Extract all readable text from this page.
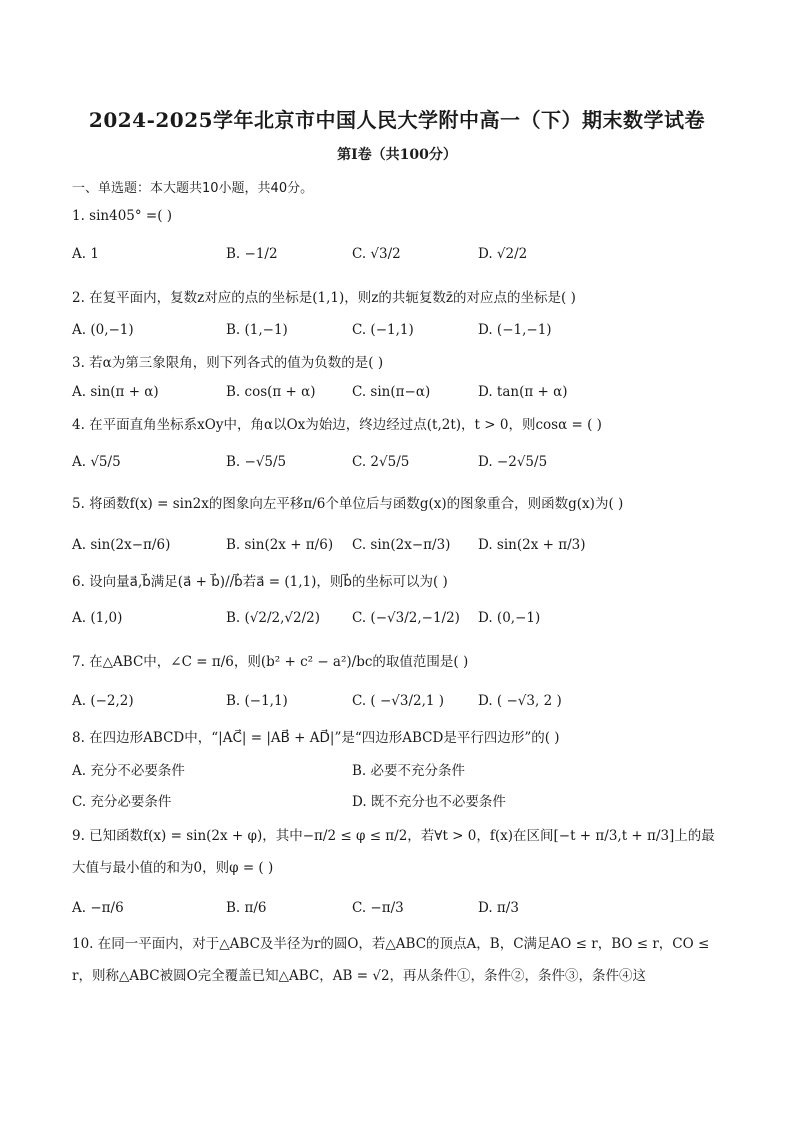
2024-2025学年北京市中国人民大学附中高一（下）期末数学试卷
第Ⅰ卷（共100分）
一、单选题：本大题共10小题，共40分。
1. sin405° =( )
A. 1	B. −1/2	C. √3/2	D. √2/2
2. 在复平面内，复数z对应的点的坐标是(1,1)，则z的共轭复数z̄的对应点的坐标是( )
A. (0,−1)	B. (1,−1)	C. (−1,1)	D. (−1,−1)
3. 若α为第三象限角，则下列各式的值为负数的是( )
A. sin(π + α)	B. cos(π + α)	C. sin(π−α)	D. tan(π + α)
4. 在平面直角坐标系xOy中，角α以Ox为始边，终边经过点(t,2t)，t > 0，则cosα = ( )
A. √5/5	B. −√5/5	C. 2√5/5	D. −2√5/5
5. 将函数f(x) = sin2x的图象向左平移π/6个单位后与函数g(x)的图象重合，则函数g(x)为( )
A. sin(2x−π/6)	B. sin(2x + π/6) C. sin(2x−π/3) D. sin(2x + π/3)
6. 设向量a⃗,b⃗满足(a⃗ + b⃗)//b⃗若a⃗ = (1,1)，则b⃗的坐标可以为( )
A. (1,0)	B. (√2/2,√2/2) C. (−√3/2,−1/2) D. (0,−1)
7. 在△ABC中，∠C = π/6，则(b² + c² − a²)/bc的取值范围是( )
A. (−2,2)	B. (−1,1)	C. ( −√3/2,1 )	D. ( −√3, 2 )
8. 在四边形ABCD中，“|AC⃗| = |AB⃗ + AD⃗|”是“四边形ABCD是平行四边形”的( )
A. 充分不必要条件	B. 必要不充分条件
C. 充分必要条件	D. 既不充分也不必要条件
9. 已知函数f(x) = sin(2x + φ)，其中−π/2 ≤ φ ≤ π/2，若∀t > 0，f(x)在区间[−t + π/3,t + π/3]上的最大值与最小值的和为0，则φ = ( )
A. −π/6	B. π/6	C. −π/3	D. π/3
10. 在同一平面内，对于△ABC及半径为r的圆O，若△ABC的顶点A，B，C满足AO ≤ r，BO ≤ r，CO ≤ r，则称△ABC被圆O完全覆盖已知△ABC，AB = √2，再从条件①，条件②，条件③，条件④这
